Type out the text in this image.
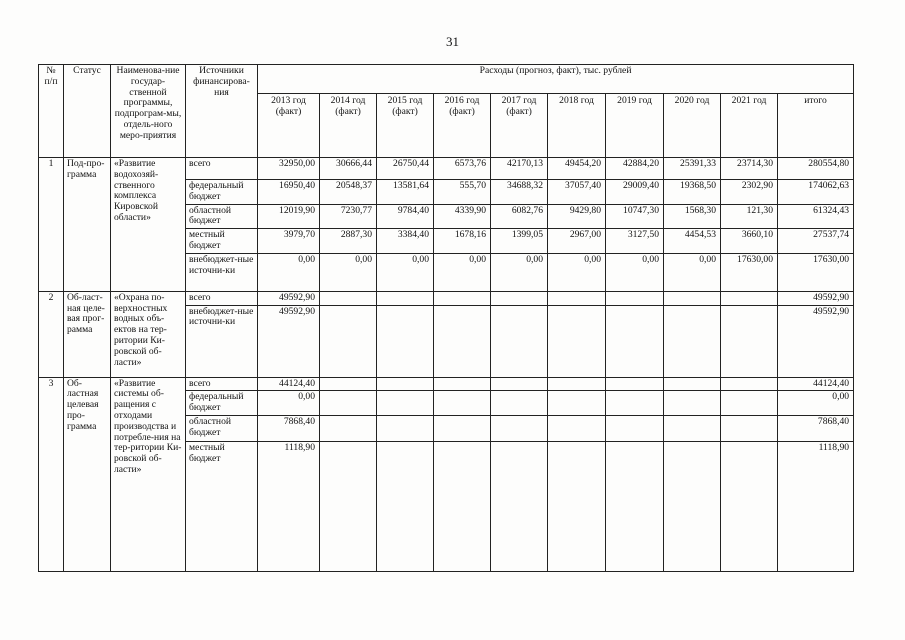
31
№ п/п	Статус	Наименова-ние государ-ственной программы, подпрограм-мы, отдель-ного меро-приятия	Источники финансирова-ния	Расходы (прогноз, факт), тыс. рублей									
				2013 год (факт)	2014 год (факт)	2015 год (факт)	2016 год (факт)	2017 год (факт)	2018 год	2019 год	2020 год	2021 год	итого
1	Под-про-грамма	«Развитие водохозяй-ственного комплекса Кировской области»	всего	32950,00	30666,44	26750,44	6573,76	42170,13	49454,20	42884,20	25391,33	23714,30	280554,80
			федеральный бюджет	16950,40	20548,37	13581,64	555,70	34688,32	37057,40	29009,40	19368,50	2302,90	174062,63
			областной бюджет	12019,90	7230,77	9784,40	4339,90	6082,76	9429,80	10747,30	1568,30	121,30	61324,43
			местный бюджет	3979,70	2887,30	3384,40	1678,16	1399,05	2967,00	3127,50	4454,53	3660,10	27537,74
			внебюджет-ные источни-ки	0,00	0,00	0,00	0,00	0,00	0,00	0,00	0,00	17630,00	17630,00
2	Об-ласт-ная целе-вая прог-рамма	«Охрана по-верхностных водных объ-ектов на тер-ритории Ки-ровской об-ласти»	всего	49592,90									49592,90
			внебюджет-ные источни-ки	49592,90									49592,90
3	Об-ластная целевая про-грамма	«Развитие системы об-ращения с отходами производства и потребле-ния на тер-ритории Ки-ровской об-ласти»	всего	44124,40									44124,40
			федеральный бюджет	0,00									0,00
			областной бюджет	7868,40									7868,40
			местный бюджет	1118,90									1118,90
